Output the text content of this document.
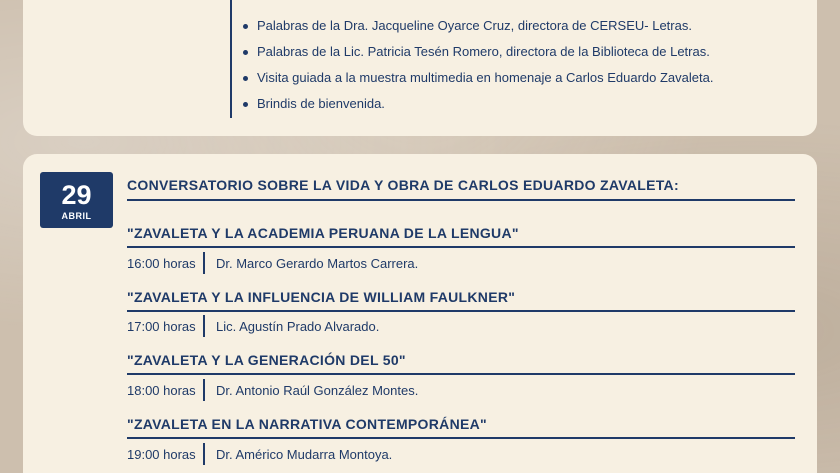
Palabras de la Dra. Jacqueline Oyarce Cruz, directora de CERSEU- Letras.
Palabras de la Lic. Patricia Tesén Romero, directora de la Biblioteca de Letras.
Visita guiada a la muestra multimedia en homenaje a Carlos Eduardo Zavaleta.
Brindis de bienvenida.
29
ABRIL
CONVERSATORIO SOBRE LA VIDA Y OBRA DE CARLOS EDUARDO ZAVALETA:
"ZAVALETA Y LA ACADEMIA PERUANA DE LA LENGUA"
16:00 horas Dr. Marco Gerardo Martos Carrera.
"ZAVALETA Y LA INFLUENCIA DE WILLIAM FAULKNER"
17:00 horas Lic. Agustín Prado Alvarado.
"ZAVALETA Y LA GENERACIÓN DEL 50"
18:00 horas Dr. Antonio Raúl González Montes.
"ZAVALETA EN LA NARRATIVA CONTEMPORÁNEA"
19:00 horas Dr. Américo Mudarra Montoya.
